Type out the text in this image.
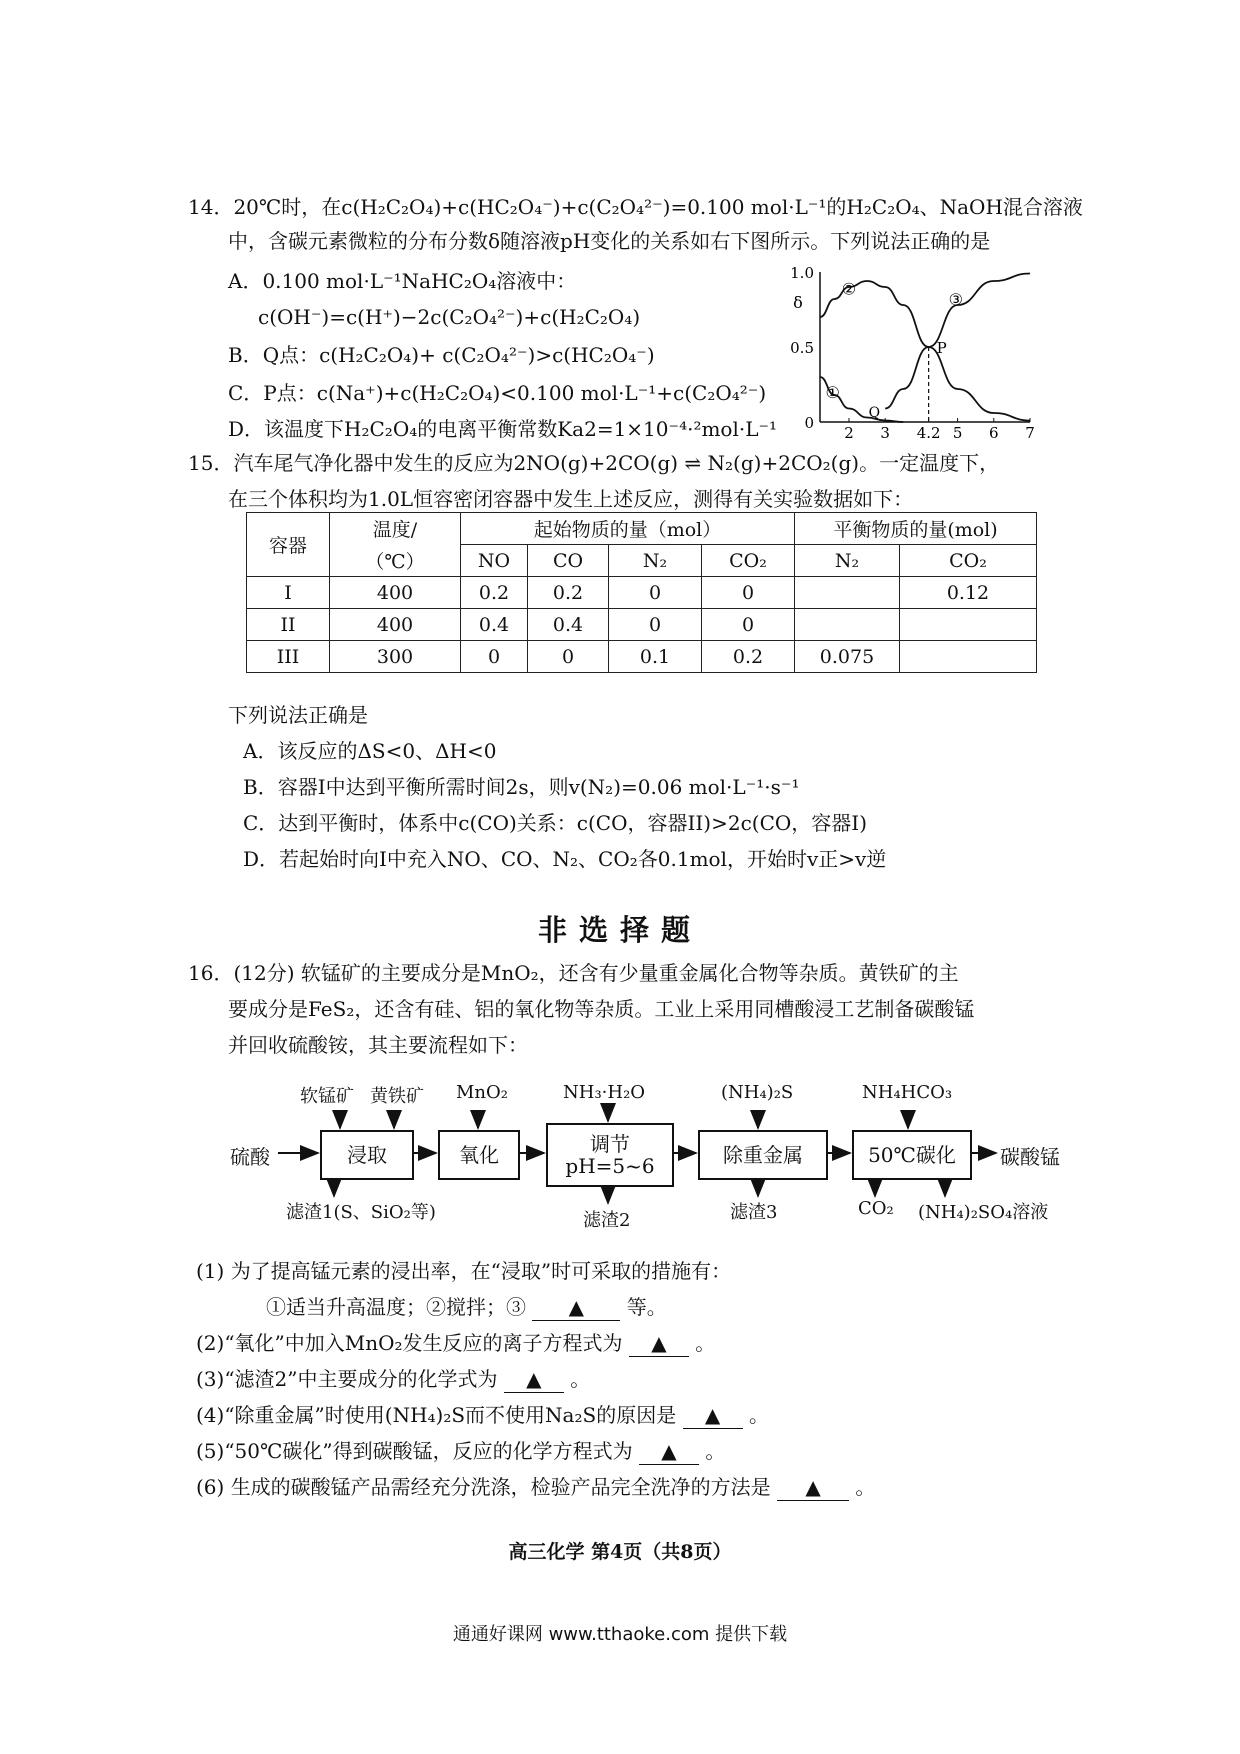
14．20℃时，在c(H₂C₂O₄)+c(HC₂O₄⁻)+c(C₂O₄²⁻)=0.100 mol·L⁻¹的H₂C₂O₄、NaOH混合溶液
中，含碳元素微粒的分布分数δ随溶液pH变化的关系如右下图所示。下列说法正确的是
A．0.100 mol·L⁻¹NaHC₂O₄溶液中：
c(OH⁻)=c(H⁺)−2c(C₂O₄²⁻)+c(H₂C₂O₄)
B．Q点：c(H₂C₂O₄)+ c(C₂O₄²⁻)>c(HC₂O₄⁻)
C．P点：c(Na⁺)+c(H₂C₂O₄)<0.100 mol·L⁻¹+c(C₂O₄²⁻)
D．该温度下H₂C₂O₄的电离平衡常数Ka2=1×10⁻⁴·²mol·L⁻¹
δ
1.0
0.5
0
2 3 4.2 5 6 7
①
②
③
P
Q
15．汽车尾气净化器中发生的反应为2NO(g)+2CO(g) ⇌ N₂(g)+2CO₂(g)。一定温度下，
在三个体积均为1.0L恒容密闭容器中发生上述反应，测得有关实验数据如下：
容器	温度/	起始物质的量（mol）				平衡物质的量(mol)	
	（℃）	NO	CO	N₂	CO₂	N₂	CO₂
I	400	0.2	0.2	0	0		0.12
II	400	0.4	0.4	0	0		
III	300	0	0	0.1	0.2	0.075	
下列说法正确是
A．该反应的ΔS<0、ΔH<0
B．容器I中达到平衡所需时间2s，则v(N₂)=0.06 mol·L⁻¹·s⁻¹
C．达到平衡时，体系中c(CO)关系：c(CO，容器II)>2c(CO，容器I)
D．若起始时向I中充入NO、CO、N₂、CO₂各0.1mol，开始时v正>v逆
非选择题
16．(12分) 软锰矿的主要成分是MnO₂，还含有少量重金属化合物等杂质。黄铁矿的主
要成分是FeS₂，还含有硅、铝的氧化物等杂质。工业上采用同槽酸浸工艺制备碳酸锰
并回收硫酸铵，其主要流程如下：
硫酸
软锰矿 黄铁矿 MnO₂	NH₃·H₂O	(NH₄)₂S	NH₄HCO₃
浸取	氧化	调节
pH=5~6	除重金属	50℃碳化	碳酸锰
滤渣1(S、SiO₂等)	滤渣2	滤渣3	CO₂ (NH₄)₂SO₄溶液
(1) 为了提高锰元素的浸出率，在“浸取”时可采取的措施有：
①适当升高温度；②搅拌；③ ▲ 等。
(2)“氧化”中加入MnO₂发生反应的离子方程式为 ▲ 。
(3)“滤渣2”中主要成分的化学式为 ▲ 。
(4)“除重金属”时使用(NH₄)₂S而不使用Na₂S的原因是 ▲ 。
(5)“50℃碳化”得到碳酸锰，反应的化学方程式为 ▲ 。
(6) 生成的碳酸锰产品需经充分洗涤，检验产品完全洗净的方法是 ▲ 。
高三化学 第4页（共8页）
通通好课网 www.tthaoke.com 提供下载
